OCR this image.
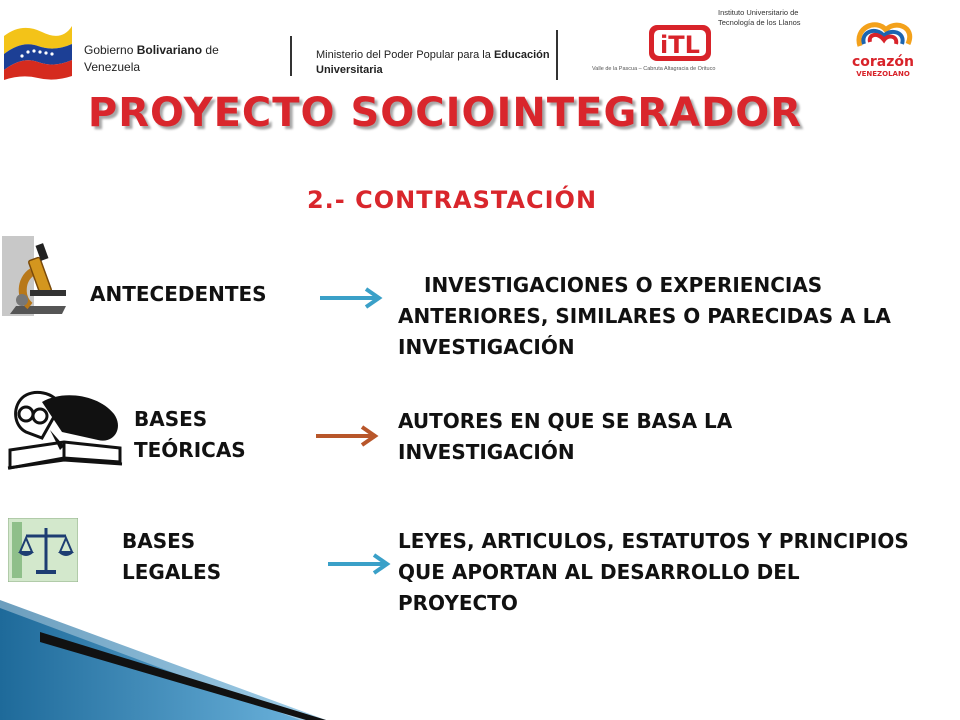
Gobierno Bolivariano de Venezuela
Ministerio del Poder Popular para la Educación Universitaria
iTL
Instituto Universitario de Tecnología de los Llanos
Valle de la Pascua – Cabruta Altagracia de Orituco	corazón
VENEZOLANO
PROYECTO SOCIOINTEGRADOR
2.- CONTRASTACIÓN
ANTECEDENTES	INVESTIGACIONES O EXPERIENCIAS ANTERIORES, SIMILARES O PARECIDAS A LA INVESTIGACIÓN
BASES TEÓRICAS
AUTORES EN QUE SE BASA LA INVESTIGACIÓN
BASES LEGALES
LEYES, ARTICULOS, ESTATUTOS Y PRINCIPIOS QUE APORTAN AL DESARROLLO DEL PROYECTO
